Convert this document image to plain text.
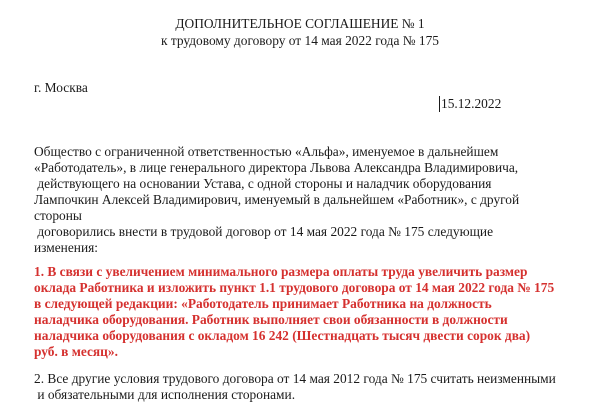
ДОПОЛНИТЕЛЬНОЕ СОГЛАШЕНИЕ № 1
к трудовому договору от 14 мая 2022 года № 175
г. Москва
15.12.2022
Общество с ограниченной ответственностью «Альфа», именуемое в дальнейшем
«Работодатель», в лице генерального директора Львова Александра Владимировича,
действующего на основании Устава, с одной стороны и наладчик оборудования
Лампочкин Алексей Владимирович, именуемый в дальнейшем «Работник», с другой
стороны
договорились внести в трудовой договор от 14 мая 2022 года № 175 следующие
изменения:
1. В связи с увеличением минимального размера оплаты труда увеличить размер
оклада Работника и изложить пункт 1.1 трудового договора от 14 мая 2022 года № 175
в следующей редакции: «Работодатель принимает Работника на должность
наладчика оборудования. Работник выполняет свои обязанности в должности
наладчика оборудования с окладом 16 242 (Шестнадцать тысяч двести сорок два)
руб. в месяц».
2. Все другие условия трудового договора от 14 мая 2012 года № 175 считать неизменными
и обязательными для исполнения сторонами.
